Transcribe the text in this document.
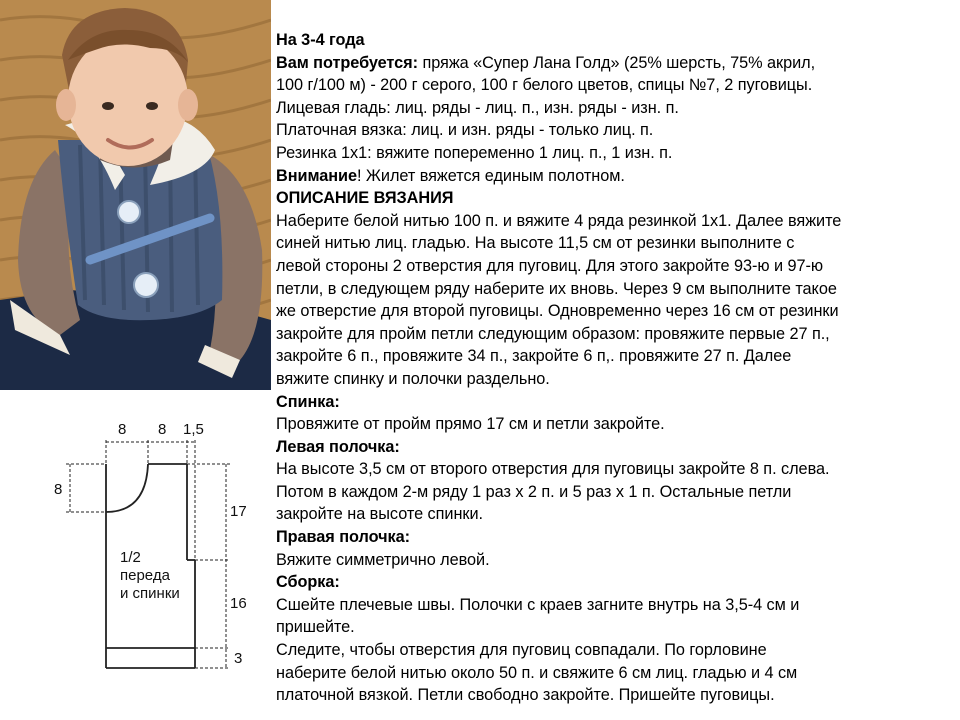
8 8 1,5
8
17
16
3
1/2
переда
и спинки

На 3-4 года

Вам потребуется: пряжа «Супер Лана Голд» (25% шерсть, 75% акрил,

100 г/100 м) - 200 г серого, 100 г белого цветов, спицы №7, 2 пуговицы.

Лицевая гладь: лиц. ряды - лиц. п., изн. ряды - изн. п.

Платочная вязка: лиц. и изн. ряды - только лиц. п.

Резинка 1х1: вяжите попеременно 1 лиц. п., 1 изн. п.

Внимание! Жилет вяжется единым полотном.

ОПИСАНИЕ ВЯЗАНИЯ

Наберите белой нитью 100 п. и вяжите 4 ряда резинкой 1х1. Далее вяжите

синей нитью лиц. гладью. На высоте 11,5 см от резинки выполните с

левой стороны 2 отверстия для пуговиц. Для этого закройте 93-ю и 97-ю

петли, в следующем ряду наберите их вновь. Через 9 см выполните такое

же отверстие для второй пуговицы. Одновременно через 16 см от резинки

закройте для пройм петли следующим образом: провяжите первые 27 п.,

закройте 6 п., провяжите 34 п., закройте 6 п,. провяжите 27 п. Далее

вяжите спинку и полочки раздельно.

Спинка:

Провяжите от пройм прямо 17 см и петли закройте.

Левая полочка:

На высоте 3,5 см от второго отверстия для пуговицы закройте 8 п. слева.

Потом в каждом 2-м ряду 1 раз х 2 п. и 5 раз х 1 п. Остальные петли

закройте на высоте спинки.

Правая полочка:

Вяжите симметрично левой.

Сборка:

Сшейте плечевые швы. Полочки с краев загните внутрь на 3,5-4 см и

пришейте.

Следите, чтобы отверстия для пуговиц совпадали. По горловине

наберите белой нитью около 50 п. и свяжите 6 см лиц. гладью и 4 см

платочной вязкой. Петли свободно закройте. Пришейте пуговицы.
